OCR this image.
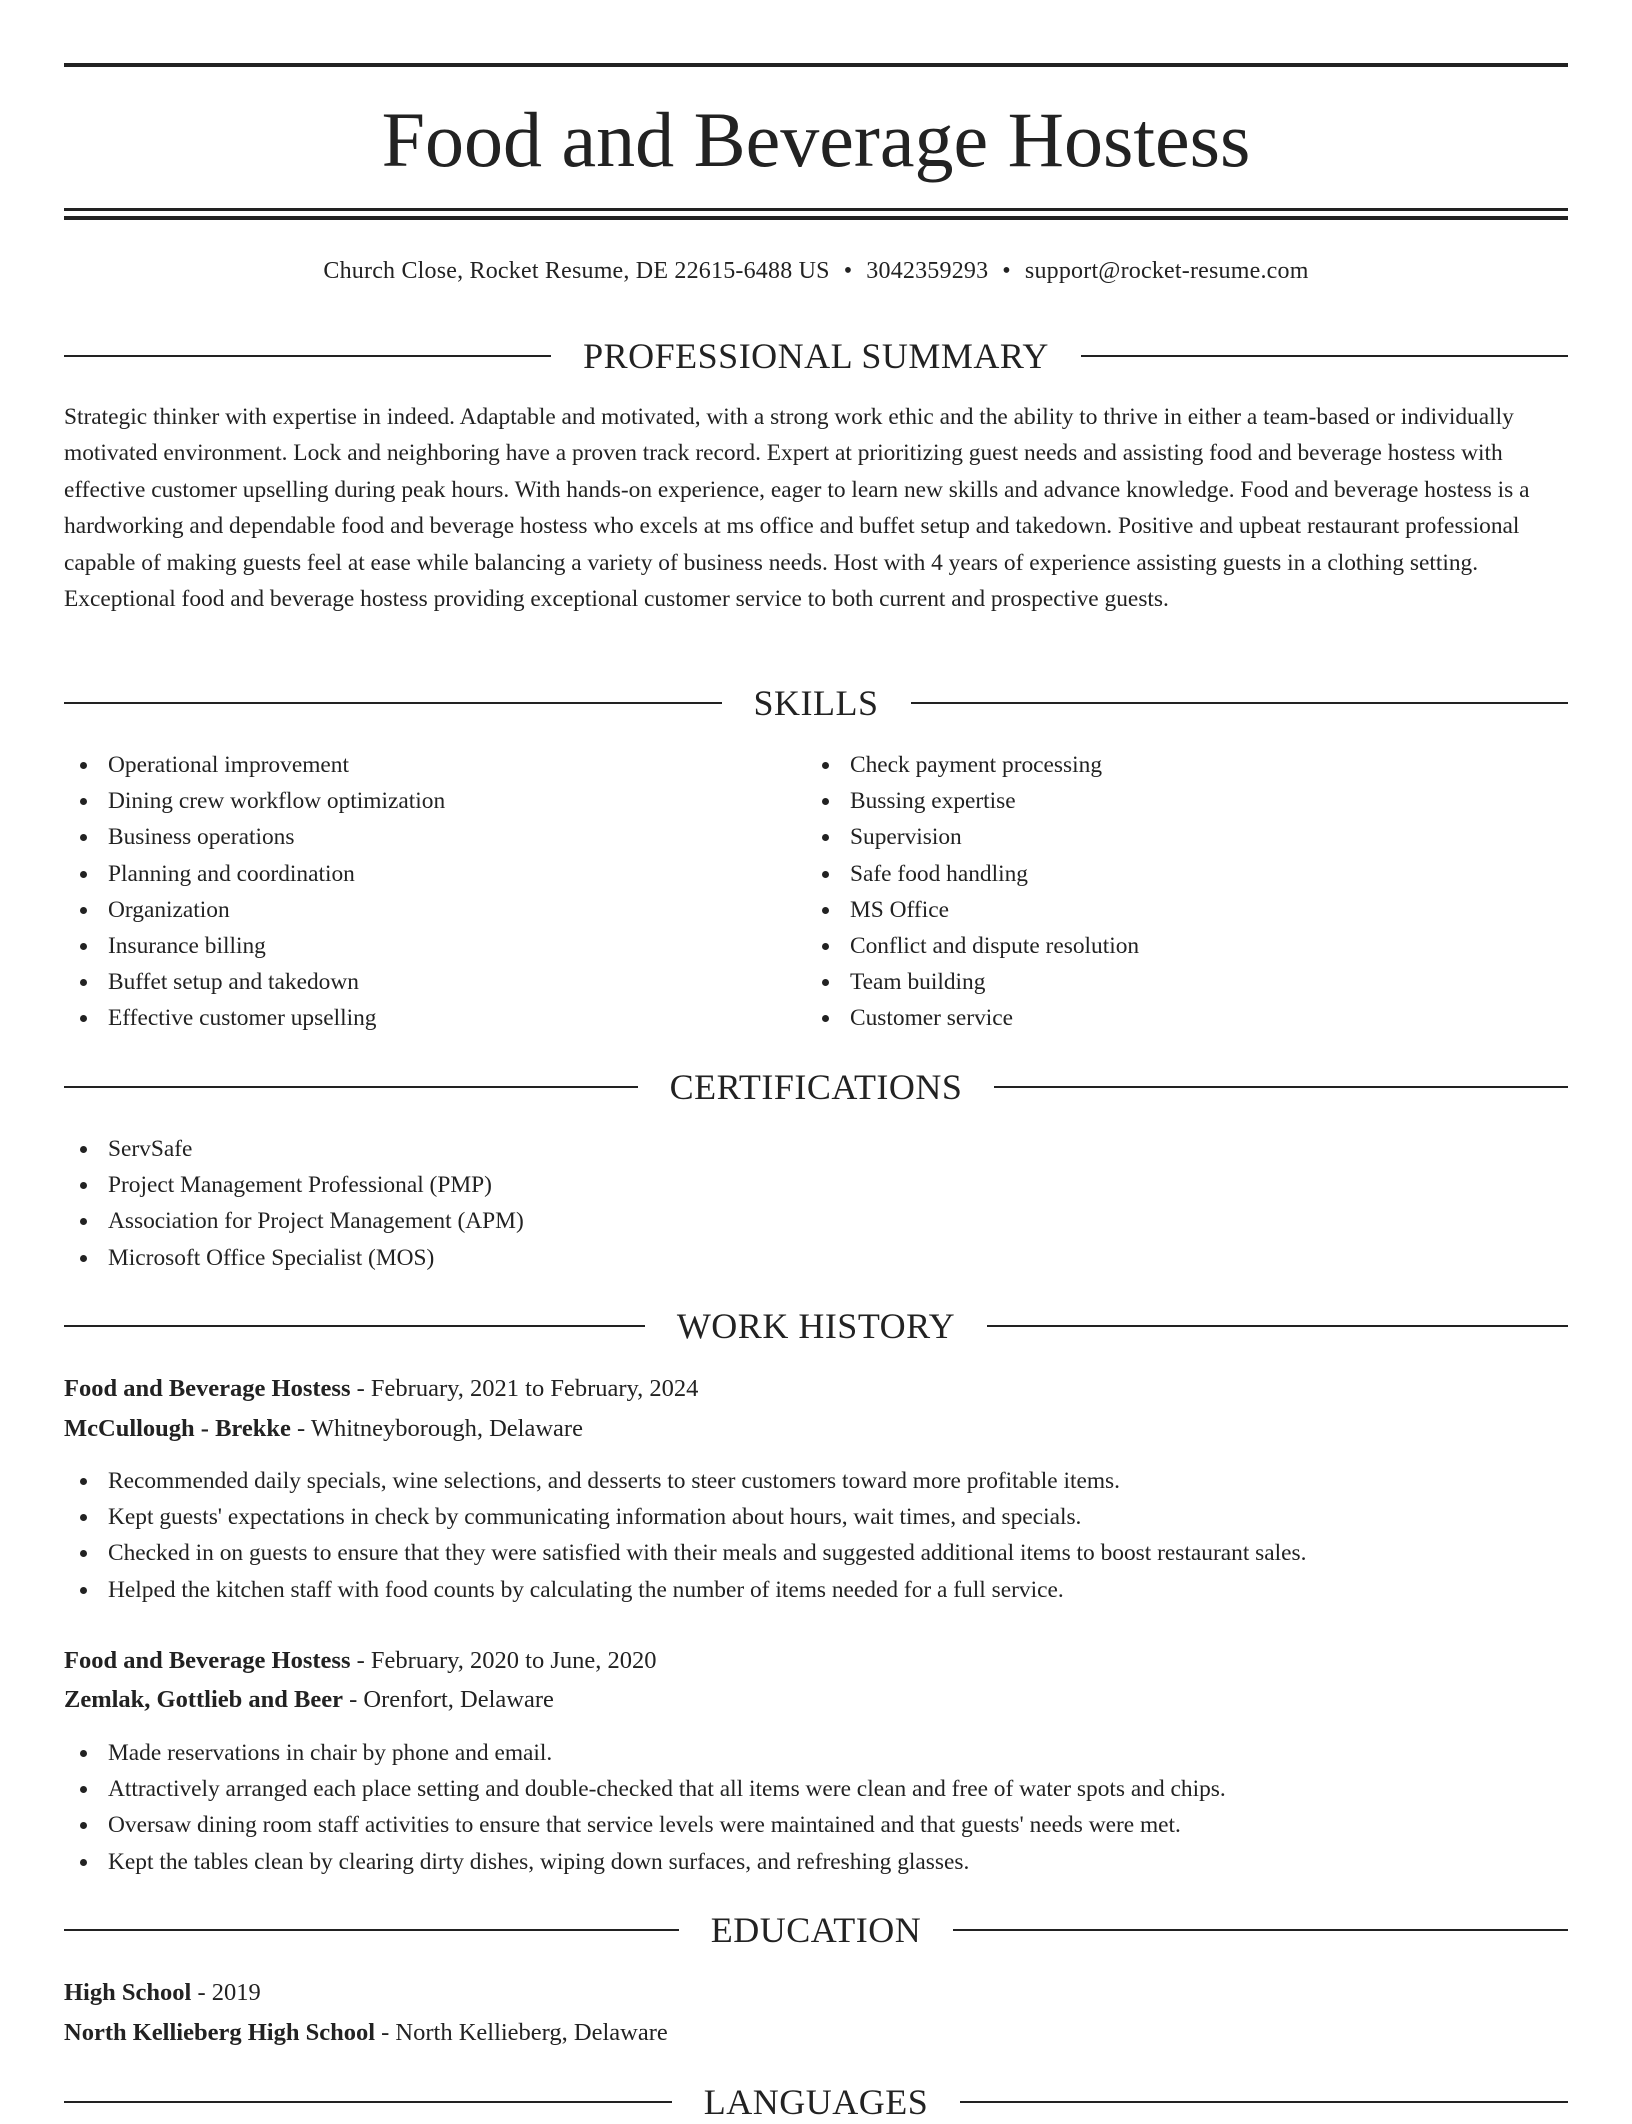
Food and Beverage Hostess
Church Close, Rocket Resume, DE 22615-6488 US • 3042359293 • support@rocket-resume.com
PROFESSIONAL SUMMARY

Strategic thinker with expertise in indeed. Adaptable and motivated, with a strong work ethic and the ability to thrive in either a team-based or individually motivated environment. Lock and neighboring have a proven track record. Expert at prioritizing guest needs and assisting food and beverage hostess with effective customer upselling during peak hours. With hands-on experience, eager to learn new skills and advance knowledge. Food and beverage hostess is a hardworking and dependable food and beverage hostess who excels at ms office and buffet setup and takedown. Positive and upbeat restaurant professional capable of making guests feel at ease while balancing a variety of business needs. Host with 4 years of experience assisting guests in a clothing setting. Exceptional food and beverage hostess providing exceptional customer service to both current and prospective guests.

SKILLS
Operational improvement
Dining crew workflow optimization
Business operations
Planning and coordination
Organization
Insurance billing
Buffet setup and takedown
Effective customer upselling
Check payment processing
Bussing expertise
Supervision
Safe food handling
MS Office
Conflict and dispute resolution
Team building
Customer service
CERTIFICATIONS
ServSafe
Project Management Professional (PMP)
Association for Project Management (APM)
Microsoft Office Specialist (MOS)
WORK HISTORY
Food and Beverage Hostess - February, 2021 to February, 2024
McCullough - Brekke - Whitneyborough, Delaware
Recommended daily specials, wine selections, and desserts to steer customers toward more profitable items.
Kept guests' expectations in check by communicating information about hours, wait times, and specials.
Checked in on guests to ensure that they were satisfied with their meals and suggested additional items to boost restaurant sales.
Helped the kitchen staff with food counts by calculating the number of items needed for a full service.
Food and Beverage Hostess - February, 2020 to June, 2020
Zemlak, Gottlieb and Beer - Orenfort, Delaware
Made reservations in chair by phone and email.
Attractively arranged each place setting and double-checked that all items were clean and free of water spots and chips.
Oversaw dining room staff activities to ensure that service levels were maintained and that guests' needs were met.
Kept the tables clean by clearing dirty dishes, wiping down surfaces, and refreshing glasses.
EDUCATION
High School - 2019
North Kellieberg High School - North Kellieberg, Delaware
LANGUAGES
